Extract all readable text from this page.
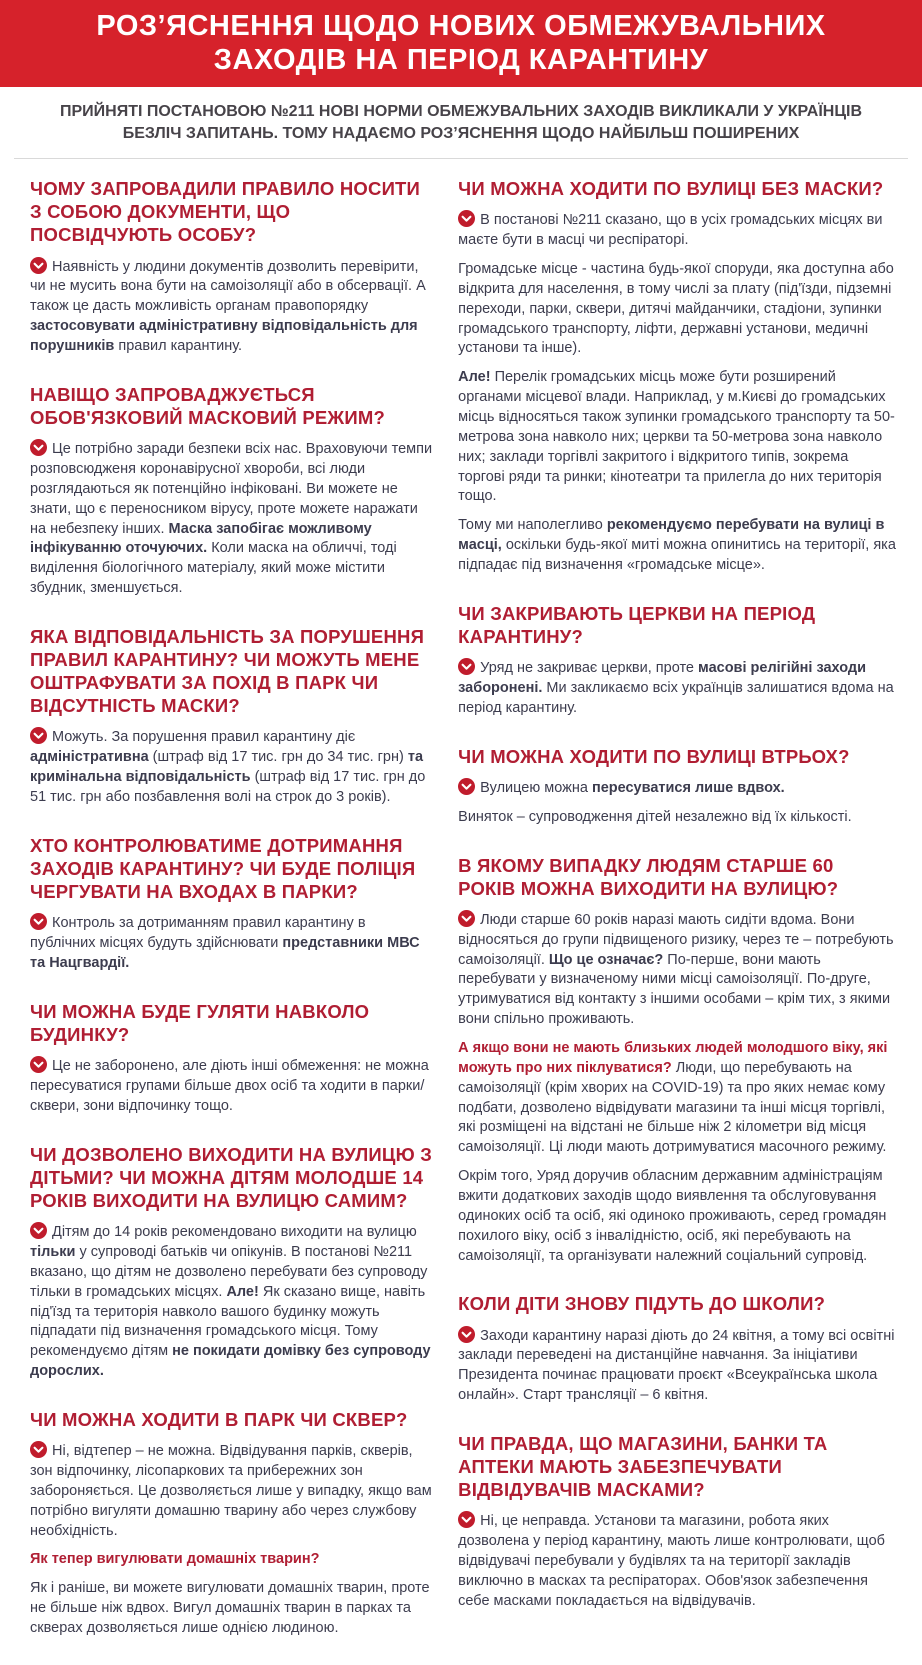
РОЗ’ЯСНЕННЯ ЩОДО НОВИХ ОБМЕЖУВАЛЬНИХ ЗАХОДІВ НА ПЕРІОД КАРАНТИНУ

ПРИЙНЯТІ ПОСТАНОВОЮ №211 НОВІ НОРМИ ОБМЕЖУВАЛЬНИХ ЗАХОДІВ ВИКЛИКАЛИ У УКРАЇНЦІВ БЕЗЛІЧ ЗАПИТАНЬ. ТОМУ НАДАЄМО РОЗ’ЯСНЕННЯ ЩОДО НАЙБІЛЬШ ПОШИРЕНИХ

ЧОМУ ЗАПРОВАДИЛИ ПРАВИЛО НОСИТИ З СОБОЮ ДОКУМЕНТИ, ЩО ПОСВІДЧУЮТЬ ОСОБУ?

Наявність у людини документів дозволить перевірити, чи не мусить вона бути на самоізоляції або в обсервації. А також це дасть можливість органам правопорядку застосовувати адміністративну відповідальність для порушників правил карантину.

НАВІЩО ЗАПРОВАДЖУЄТЬСЯ ОБОВ'ЯЗКОВИЙ МАСКОВИЙ РЕЖИМ?

Це потрібно заради безпеки всіх нас. Враховуючи темпи розповсюдженя коронавірусної хвороби, всі люди розглядаються як потенційно інфіковані. Ви можете не знати, що є переносником вірусу, проте можете наражати на небезпеку інших. Маска запобігає можливому інфікуванню оточуючих. Коли маска на обличчі, тоді виділення біологічного матеріалу, який може містити збудник, зменшується.

ЯКА ВІДПОВІДАЛЬНІСТЬ ЗА ПОРУШЕННЯ ПРАВИЛ КАРАНТИНУ? ЧИ МОЖУТЬ МЕНЕ ОШТРАФУВАТИ ЗА ПОХІД В ПАРК ЧИ ВІДСУТНІСТЬ МАСКИ?

Можуть. За порушення правил карантину діє адміністративна (штраф від 17 тис. грн до 34 тис. грн) та кримінальна відповідальність (штраф від 17 тис. грн до 51 тис. грн або позбавлення волі на строк до 3 років).

ХТО КОНТРОЛЮВАТИМЕ ДОТРИМАННЯ ЗАХОДІВ КАРАНТИНУ? ЧИ БУДЕ ПОЛІЦІЯ ЧЕРГУВАТИ НА ВХОДАХ В ПАРКИ?

Контроль за дотриманням правил карантину в публічних місцях будуть здійснювати представники МВС та Нацгвардії.

ЧИ МОЖНА БУДЕ ГУЛЯТИ НАВКОЛО БУДИНКУ?

Це не заборонено, але діють інші обмеження: не можна пересуватися групами більше двох осіб та ходити в парки/сквери, зони відпочинку тощо.

ЧИ ДОЗВОЛЕНО ВИХОДИТИ НА ВУЛИЦЮ З ДІТЬМИ? ЧИ МОЖНА ДІТЯМ МОЛОДШЕ 14 РОКІВ ВИХОДИТИ НА ВУЛИЦЮ САМИМ?

Дітям до 14 років рекомендовано виходити на вулицю тільки у супроводі батьків чи опікунів. В постанові №211 вказано, що дітям не дозволено перебувати без супроводу тільки в громадських місцях. Але! Як сказано вище, навіть під'їзд та територія навколо вашого будинку можуть підпадати під визначення громадського місця. Тому рекомендуємо дітям не покидати домівку без супроводу дорослих.

ЧИ МОЖНА ХОДИТИ В ПАРК ЧИ СКВЕР?

Ні, відтепер – не можна. Відвідування парків, скверів, зон відпочинку, лісопаркових та прибережних зон забороняється. Це дозволяється лише у випадку, якщо вам потрібно вигуляти домашню тварину або через службову необхідність.

Як тепер вигулювати домашніх тварин?

Як і раніше, ви можете вигулювати домашніх тварин, проте не більше ніж вдвох. Вигул домашніх тварин в парках та скверах дозволяється лише однією людиною.

ЧИ МОЖНА ХОДИТИ ПО ВУЛИЦІ БЕЗ МАСКИ?

В постанові №211 сказано, що в усіх громадських місцях ви маєте бути в масці чи респіраторі.

Громадське місце - частина будь-якої споруди, яка доступна або відкрита для населення, в тому числі за плату (під'їзди, підземні переходи, парки, сквери, дитячі майданчики, стадіони, зупинки громадського транспорту, ліфти, державні установи, медичні установи та інше).

Але! Перелік громадських місць може бути розширений органами місцевої влади. Наприклад, у м.Києві до громадських місць відносяться також зупинки громадського транспорту та 50-метрова зона навколо них; церкви та 50-метрова зона навколо них; заклади торгівлі закритого і відкритого типів, зокрема торгові ряди та ринки; кінотеатри та прилегла до них територія тощо.

Тому ми наполегливо рекомендуємо перебувати на вулиці в масці, оскільки будь-якої миті можна опинитись на території, яка підпадає під визначення «громадське місце».

ЧИ ЗАКРИВАЮТЬ ЦЕРКВИ НА ПЕРІОД КАРАНТИНУ?

Уряд не закриває церкви, проте масові релігійні заходи заборонені. Ми закликаємо всіх українців залишатися вдома на період карантину.

ЧИ МОЖНА ХОДИТИ ПО ВУЛИЦІ ВТРЬОХ?

Вулицею можна пересуватися лише вдвох.

Виняток – супроводження дітей незалежно від їх кількості.

В ЯКОМУ ВИПАДКУ ЛЮДЯМ СТАРШЕ 60 РОКІВ МОЖНА ВИХОДИТИ НА ВУЛИЦЮ?

Люди старше 60 років наразі мають сидіти вдома. Вони відносяться до групи підвищеного ризику, через те – потребують самоізоляції. Що це означає? По-перше, вони мають перебувати у визначеному ними місці самоізоляції. По-друге, утримуватися від контакту з іншими особами – крім тих, з якими вони спільно проживають.

А якщо вони не мають близьких людей молодшого віку, які можуть про них піклуватися? Люди, що перебувають на самоізоляції (крім хворих на COVID-19) та про яких немає кому подбати, дозволено відвідувати магазини та інші місця торгівлі, які розміщені на відстані не більше ніж 2 кілометри від місця самоізоляції. Ці люди мають дотримуватися масочного режиму.

Окрім того, Уряд доручив обласним державним адміністраціям вжити додаткових заходів щодо виявлення та обслуговування одиноких осіб та осіб, які одиноко проживають, серед громадян похилого віку, осіб з інвалідністю, осіб, які перебувають на самоізоляції, та організувати належний соціальний супровід.

КОЛИ ДІТИ ЗНОВУ ПІДУТЬ ДО ШКОЛИ?

Заходи карантину наразі діють до 24 квітня, а тому всі освітні заклади переведені на дистанційне навчання. За ініціативи Президента починає працювати проєкт «Всеукраїнська школа онлайн». Старт трансляції – 6 квітня.

ЧИ ПРАВДА, ЩО МАГАЗИНИ, БАНКИ ТА АПТЕКИ МАЮТЬ ЗАБЕЗПЕЧУВАТИ ВІДВІДУВАЧІВ МАСКАМИ?

Ні, це неправда. Установи та магазини, робота яких дозволена у період карантину, мають лише контролювати, щоб відвідувачі перебували у будівлях та на території закладів виключно в масках та респіраторах. Обов'язок забезпечення себе масками покладається на відвідувачів.
